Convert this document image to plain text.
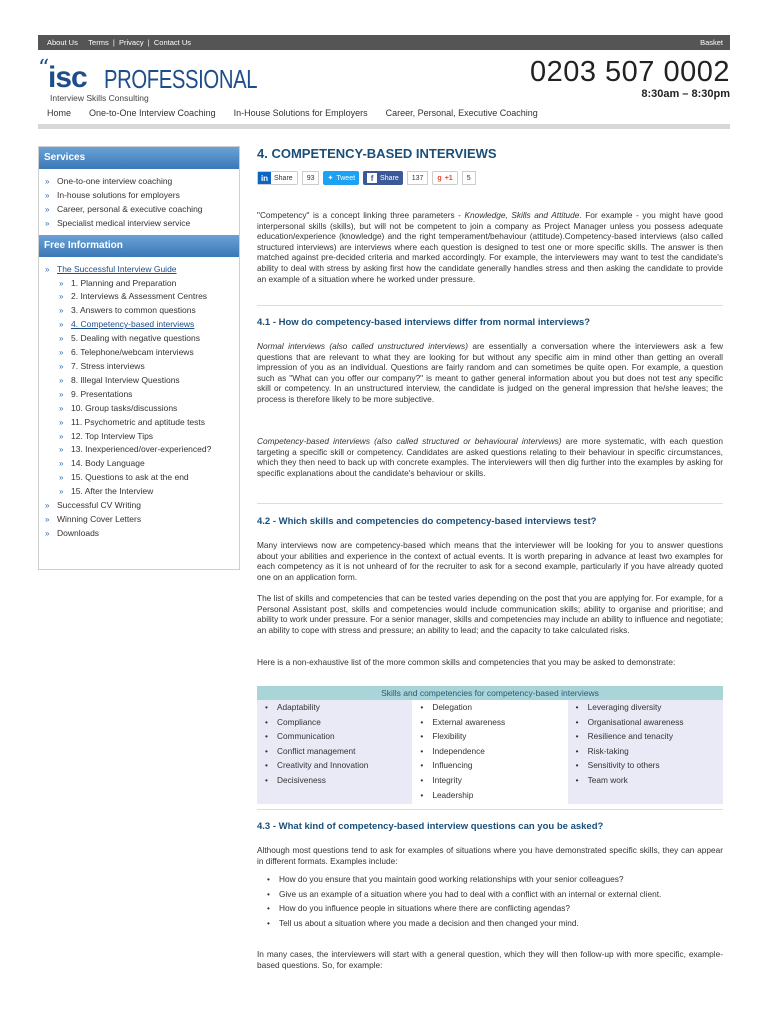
About Us
Terms | Privacy | Contact Us	Basket
“
isc PROFESSIONAL
Interview Skills Consulting
0203 507 0002
8:30am – 8:30pm
Home One-to-One Interview Coaching In-House Solutions for Employers Career, Personal, Executive Coaching
Services
» One-to-one interview coaching
» In-house solutions for employers
» Career, personal & executive coaching
» Specialist medical interview service
Free Information
» The Successful Interview Guide
» 1. Planning and Preparation
» 2. Interviews & Assessment Centres
» 3. Answers to common questions
» 4. Competency-based interviews
» 5. Dealing with negative questions
» 6. Telephone/webcam interviews
» 7. Stress interviews
» 8. Illegal Interview Questions
» 9. Presentations
» 10. Group tasks/discussions
» 11. Psychometric and aptitude tests
» 12. Top Interview Tips
» 13. Inexperienced/over-experienced?
» 14. Body Language
» 15. Questions to ask at the end
» 15. After the Interview
» Successful CV Writing
» Winning Cover Letters
» Downloads
4. COMPETENCY-BASED INTERVIEWS
in Share	93	✦ Tweet	f Share	137	g +1	5
"Competency" is a concept linking three parameters - Knowledge, Skills and Attitude. For example - you might have good interpersonal skills (skills), but will not be competent to join a company as Project Manager unless you possess adequate education/experience (knowledge) and the right temperament/behaviour (attitude).Competency-based interviews (also called structured interviews) are interviews where each question is designed to test one or more specific skills. The answer is then matched against pre-decided criteria and marked accordingly. For example, the interviewers may want to test the candidate's ability to deal with stress by asking first how the candidate generally handles stress and then asking the candidate to provide an example of a situation where he worked under pressure.
4.1 - How do competency-based interviews differ from normal interviews?
Normal interviews (also called unstructured interviews) are essentially a conversation where the interviewers ask a few questions that are relevant to what they are looking for but without any specific aim in mind other than getting an overall impression of you as an individual. Questions are fairly random and can sometimes be quite open. For example, a question such as "What can you offer our company?" is meant to gather general information about you but does not test any specific skill or competency. In an unstructured interview, the candidate is judged on the general impression that he/she leaves; the process is therefore likely to be more subjective.
Competency-based interviews (also called structured or behavioural interviews) are more systematic, with each question targeting a specific skill or competency. Candidates are asked questions relating to their behaviour in specific circumstances, which they then need to back up with concrete examples. The interviewers will then dig further into the examples by asking for specific explanations about the candidate's behaviour or skills.
4.2 - Which skills and competencies do competency-based interviews test?
Many interviews now are competency-based which means that the interviewer will be looking for you to answer questions about your abilities and experience in the context of actual events. It is worth preparing in advance at least two examples for each competency as it is not unheard of for the recruiter to ask for a second example, particularly if you have already quoted one on an application form.
The list of skills and competencies that can be tested varies depending on the post that you are applying for. For example, for a Personal Assistant post, skills and competencies would include communication skills; ability to organise and prioritise; and ability to work under pressure. For a senior manager, skills and competencies may include an ability to influence and negotiate; an ability to cope with stress and pressure; an ability to lead; and the capacity to take calculated risks.
Here is a non-exhaustive list of the more common skills and competencies that you may be asked to demonstrate:
Skills and competencies for competency-based interviews

• Adaptability
• Compliance
• Communication
• Conflict management
• Creativity and Innovation
• Decisiveness

• Delegation
• External awareness
• Flexibility
• Independence
• Influencing
• Integrity
• Leadership

• Leveraging diversity
• Organisational awareness
• Resilience and tenacity
• Risk-taking
• Sensitivity to others
• Team work
4.3 - What kind of competency-based interview questions can you be asked?
Although most questions tend to ask for examples of situations where you have demonstrated specific skills, they can appear in different formats. Examples include:
• How do you ensure that you maintain good working relationships with your senior colleagues?
• Give us an example of a situation where you had to deal with a conflict with an internal or external client.
• How do you influence people in situations where there are conflicting agendas?
• Tell us about a situation where you made a decision and then changed your mind.
In many cases, the interviewers will start with a general question, which they will then follow-up with more specific, example-based questions. So, for example:
